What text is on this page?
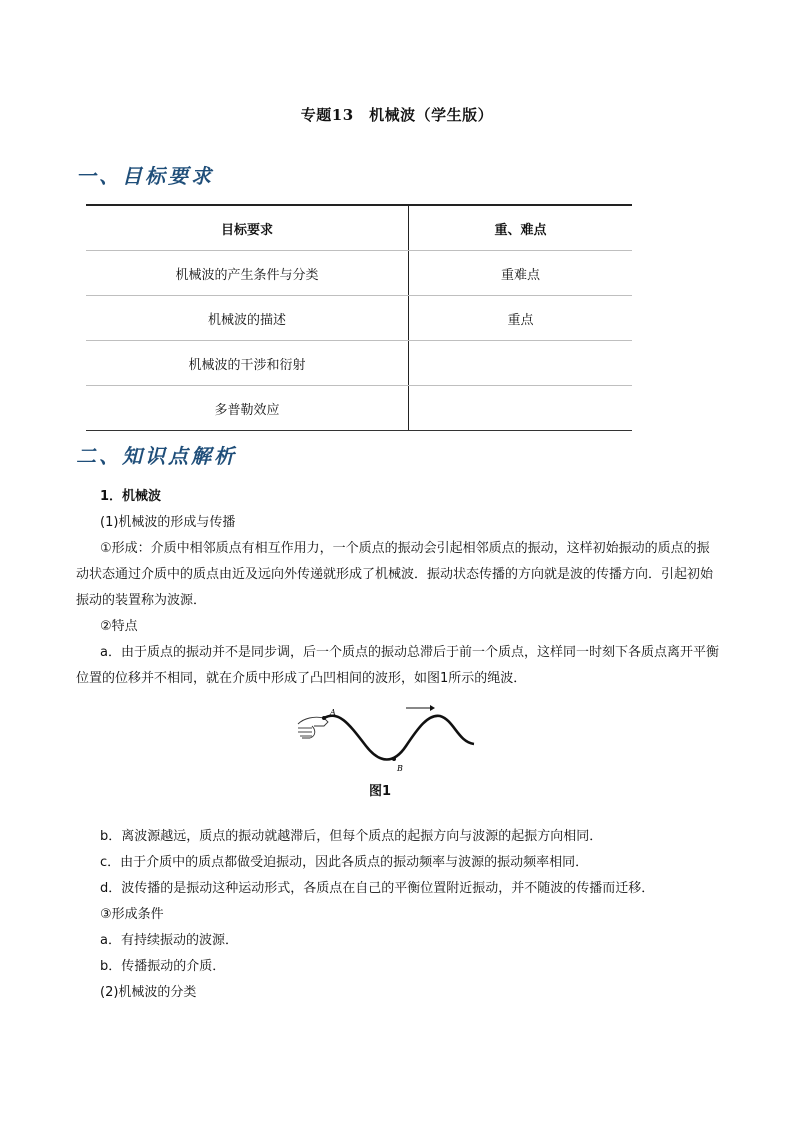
专题13　机械波（学生版）
一、目标要求
目标要求	重、难点
机械波的产生条件与分类	重难点
机械波的描述	重点
机械波的干涉和衍射	
多普勒效应	
二、知识点解析

1．机械波

(1)机械波的形成与传播

①形成：介质中相邻质点有相互作用力，一个质点的振动会引起相邻质点的振动，这样初始振动的质点的振动状态通过介质中的质点由近及远向外传递就形成了机械波．振动状态传播的方向就是波的传播方向．引起初始振动的装置称为波源．

②特点

a．由于质点的振动并不是同步调，后一个质点的振动总滞后于前一个质点，这样同一时刻下各质点离开平衡位置的位移并不相同，就在介质中形成了凸凹相间的波形，如图1所示的绳波．

A
B
图1

b．离波源越远，质点的振动就越滞后，但每个质点的起振方向与波源的起振方向相同．

c．由于介质中的质点都做受迫振动，因此各质点的振动频率与波源的振动频率相同．

d．波传播的是振动这种运动形式，各质点在自己的平衡位置附近振动，并不随波的传播而迁移．

③形成条件

a．有持续振动的波源．

b．传播振动的介质．

(2)机械波的分类
